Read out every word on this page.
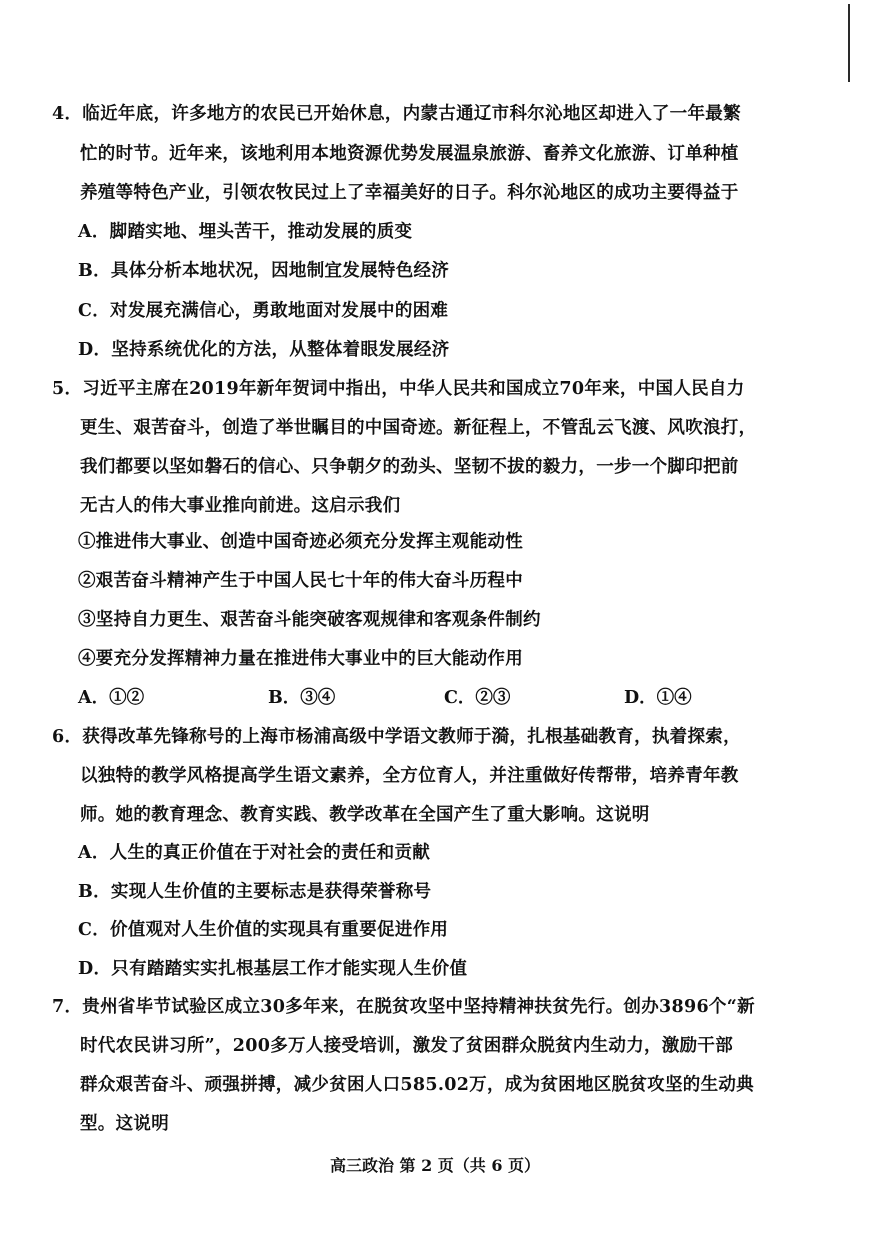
4．临近年底，许多地方的农民已开始休息，内蒙古通辽市科尔沁地区却进入了一年最繁
忙的时节。近年来，该地利用本地资源优势发展温泉旅游、畜养文化旅游、订单种植
养殖等特色产业，引领农牧民过上了幸福美好的日子。科尔沁地区的成功主要得益于
A．脚踏实地、埋头苦干，推动发展的质变
B．具体分析本地状况，因地制宜发展特色经济
C．对发展充满信心，勇敢地面对发展中的困难
D．坚持系统优化的方法，从整体着眼发展经济
5．习近平主席在2019年新年贺词中指出，中华人民共和国成立70年来，中国人民自力
更生、艰苦奋斗，创造了举世瞩目的中国奇迹。新征程上，不管乱云飞渡、风吹浪打，
我们都要以坚如磐石的信心、只争朝夕的劲头、坚韧不拔的毅力，一步一个脚印把前
无古人的伟大事业推向前进。这启示我们
①推进伟大事业、创造中国奇迹必须充分发挥主观能动性
②艰苦奋斗精神产生于中国人民七十年的伟大奋斗历程中
③坚持自力更生、艰苦奋斗能突破客观规律和客观条件制约
④要充分发挥精神力量在推进伟大事业中的巨大能动作用
A．①②	B．③④	C．②③	D．①④
6．获得改革先锋称号的上海市杨浦高级中学语文教师于漪，扎根基础教育，执着探索，
以独特的教学风格提高学生语文素养，全方位育人，并注重做好传帮带，培养青年教
师。她的教育理念、教育实践、教学改革在全国产生了重大影响。这说明
A．人生的真正价值在于对社会的责任和贡献
B．实现人生价值的主要标志是获得荣誉称号
C．价值观对人生价值的实现具有重要促进作用
D．只有踏踏实实扎根基层工作才能实现人生价值
7．贵州省毕节试验区成立30多年来，在脱贫攻坚中坚持精神扶贫先行。创办3896个“新
时代农民讲习所”，200多万人接受培训，激发了贫困群众脱贫内生动力，激励干部
群众艰苦奋斗、顽强拼搏，减少贫困人口585.02万，成为贫困地区脱贫攻坚的生动典
型。这说明
高三政治 第 2 页（共 6 页）
